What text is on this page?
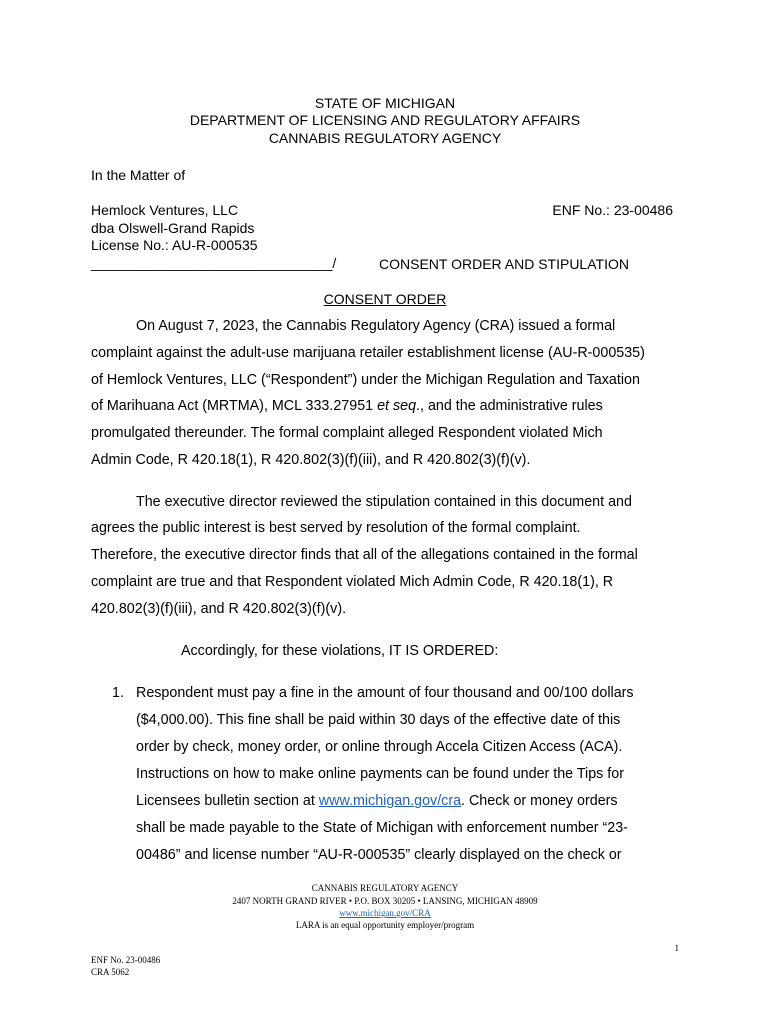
STATE OF MICHIGAN
DEPARTMENT OF LICENSING AND REGULATORY AFFAIRS
CANNABIS REGULATORY AGENCY
In the Matter of
Hemlock Ventures, LLC
dba Olswell-Grand Rapids
License No.: AU-R-000535
ENF No.: 23-00486
_______________________________/	CONSENT ORDER AND STIPULATION
CONSENT ORDER
On August 7, 2023, the Cannabis Regulatory Agency (CRA) issued a formal
complaint against the adult-use marijuana retailer establishment license (AU-R-000535)
of Hemlock Ventures, LLC (“Respondent”) under the Michigan Regulation and Taxation
of Marihuana Act (MRTMA), MCL 333.27951 et seq., and the administrative rules
promulgated thereunder. The formal complaint alleged Respondent violated Mich
Admin Code, R 420.18(1), R 420.802(3)(f)(iii), and R 420.802(3)(f)(v).
The executive director reviewed the stipulation contained in this document and
agrees the public interest is best served by resolution of the formal complaint.
Therefore, the executive director finds that all of the allegations contained in the formal
complaint are true and that Respondent violated Mich Admin Code, R 420.18(1), R
420.802(3)(f)(iii), and R 420.802(3)(f)(v).
Accordingly, for these violations, IT IS ORDERED:
1. Respondent must pay a fine in the amount of four thousand and 00/100 dollars
($4,000.00). This fine shall be paid within 30 days of the effective date of this
order by check, money order, or online through Accela Citizen Access (ACA).
Instructions on how to make online payments can be found under the Tips for
Licensees bulletin section at www.michigan.gov/cra. Check or money orders
shall be made payable to the State of Michigan with enforcement number “23-
00486” and license number “AU-R-000535” clearly displayed on the check or
CANNABIS REGULATORY AGENCY
2407 NORTH GRAND RIVER • P.O. BOX 30205 • LANSING, MICHIGAN 48909
www.michigan.gov/CRA
LARA is an equal opportunity employer/program
1
ENF No. 23-00486
CRA 5062
